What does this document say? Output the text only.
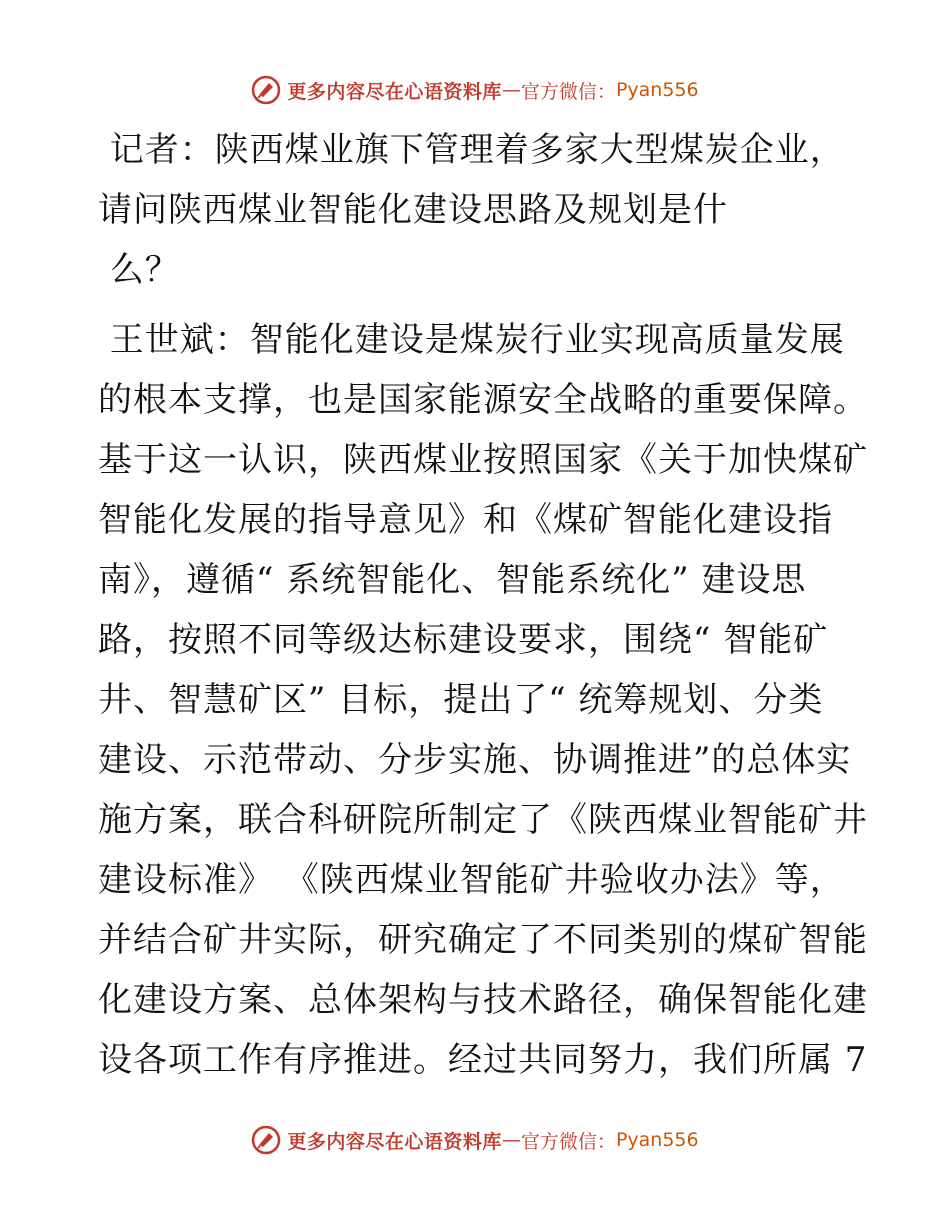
更多内容尽在心语资料库 — 官方微信： Pyan556
记者：陕西煤业旗下管理着多家大型煤炭企业，
请问陕西煤业智能化建设思路及规划是什
么？
王世斌：智能化建设是煤炭行业实现高质量发展
的根本支撑，也是国家能源安全战略的重要保障。
基于这一认识，陕西煤业按照国家《关于加快煤矿
智能化发展的指导意见》和《煤矿智能化建设指
南》，遵循“ 系统智能化、智能系统化” 建设思
路，按照不同等级达标建设要求，围绕“ 智能矿
井、智慧矿区” 目标，提出了“ 统筹规划、分类
建设、示范带动、分步实施、协调推进”的总体实
施方案，联合科研院所制定了《陕西煤业智能矿井
建设标准》 《陕西煤业智能矿井验收办法》等，
并结合矿井实际，研究确定了不同类别的煤矿智能
化建设方案、总体架构与技术路径，确保智能化建
设各项工作有序推进。经过共同努力，我们所属 7
更多内容尽在心语资料库 — 官方微信： Pyan556
